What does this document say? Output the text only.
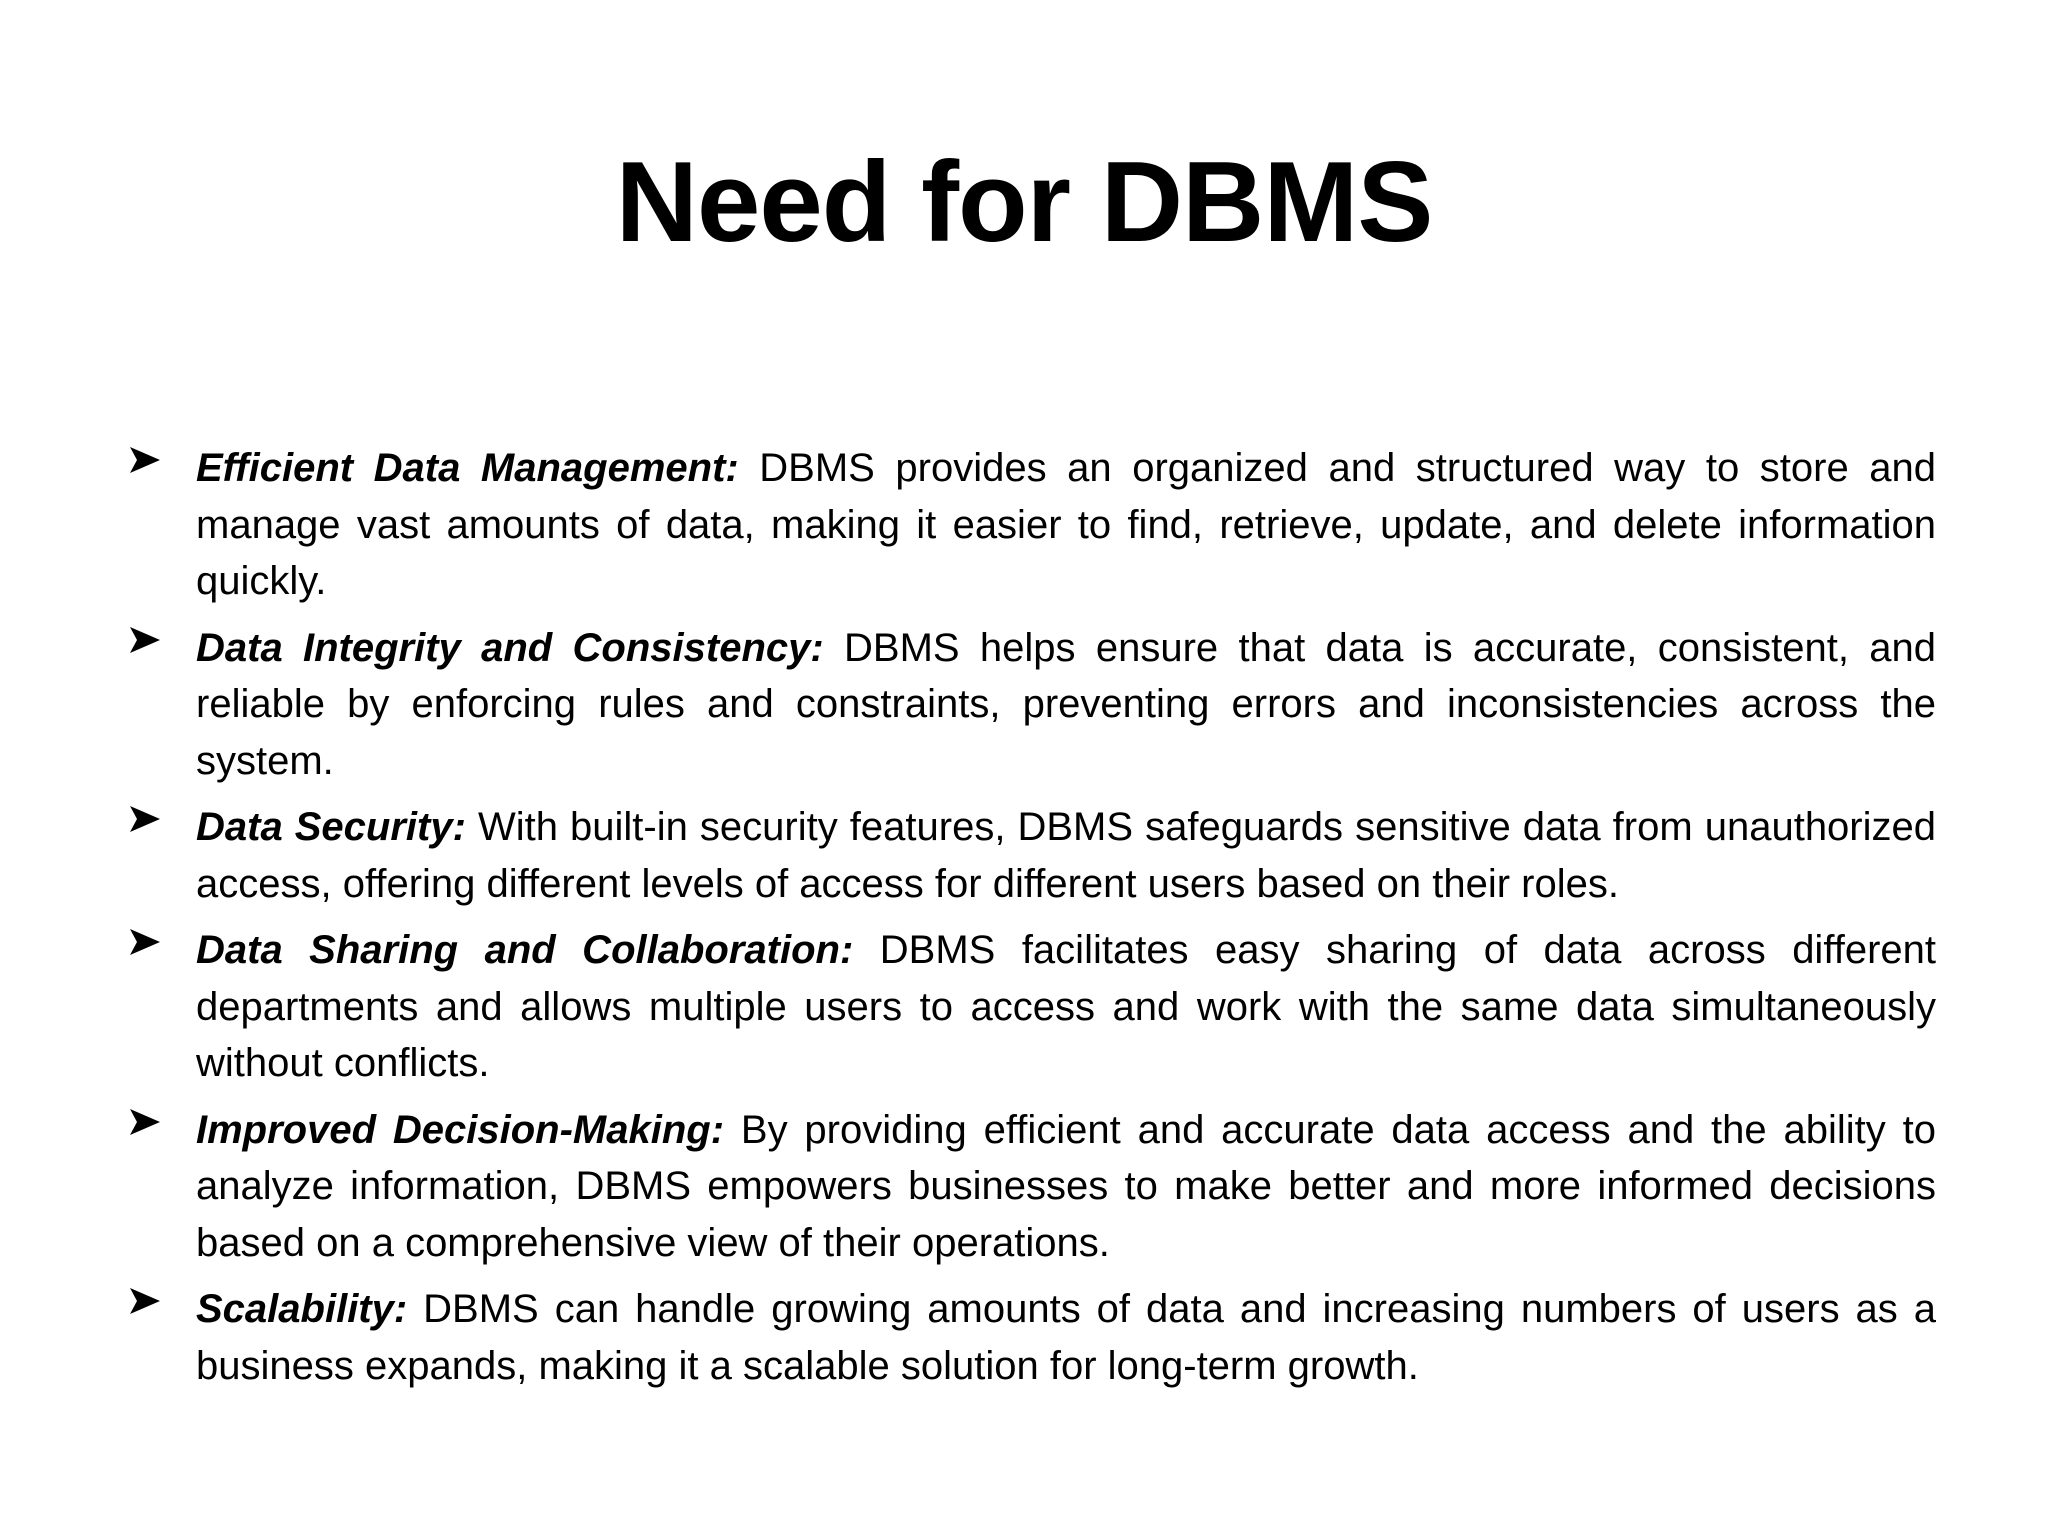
Need for DBMS
Efficient Data Management: DBMS provides an organized and structured way to store and manage vast amounts of data, making it easier to find, retrieve, update, and delete information quickly.
Data Integrity and Consistency: DBMS helps ensure that data is accurate, consistent, and reliable by enforcing rules and constraints, preventing errors and inconsistencies across the system.
Data Security: With built-in security features, DBMS safeguards sensitive data from unauthorized access, offering different levels of access for different users based on their roles.
Data Sharing and Collaboration: DBMS facilitates easy sharing of data across different departments and allows multiple users to access and work with the same data simultaneously without conflicts.
Improved Decision-Making: By providing efficient and accurate data access and the ability to analyze information, DBMS empowers businesses to make better and more informed decisions based on a comprehensive view of their operations.
Scalability: DBMS can handle growing amounts of data and increasing numbers of users as a business expands, making it a scalable solution for long-term growth.
